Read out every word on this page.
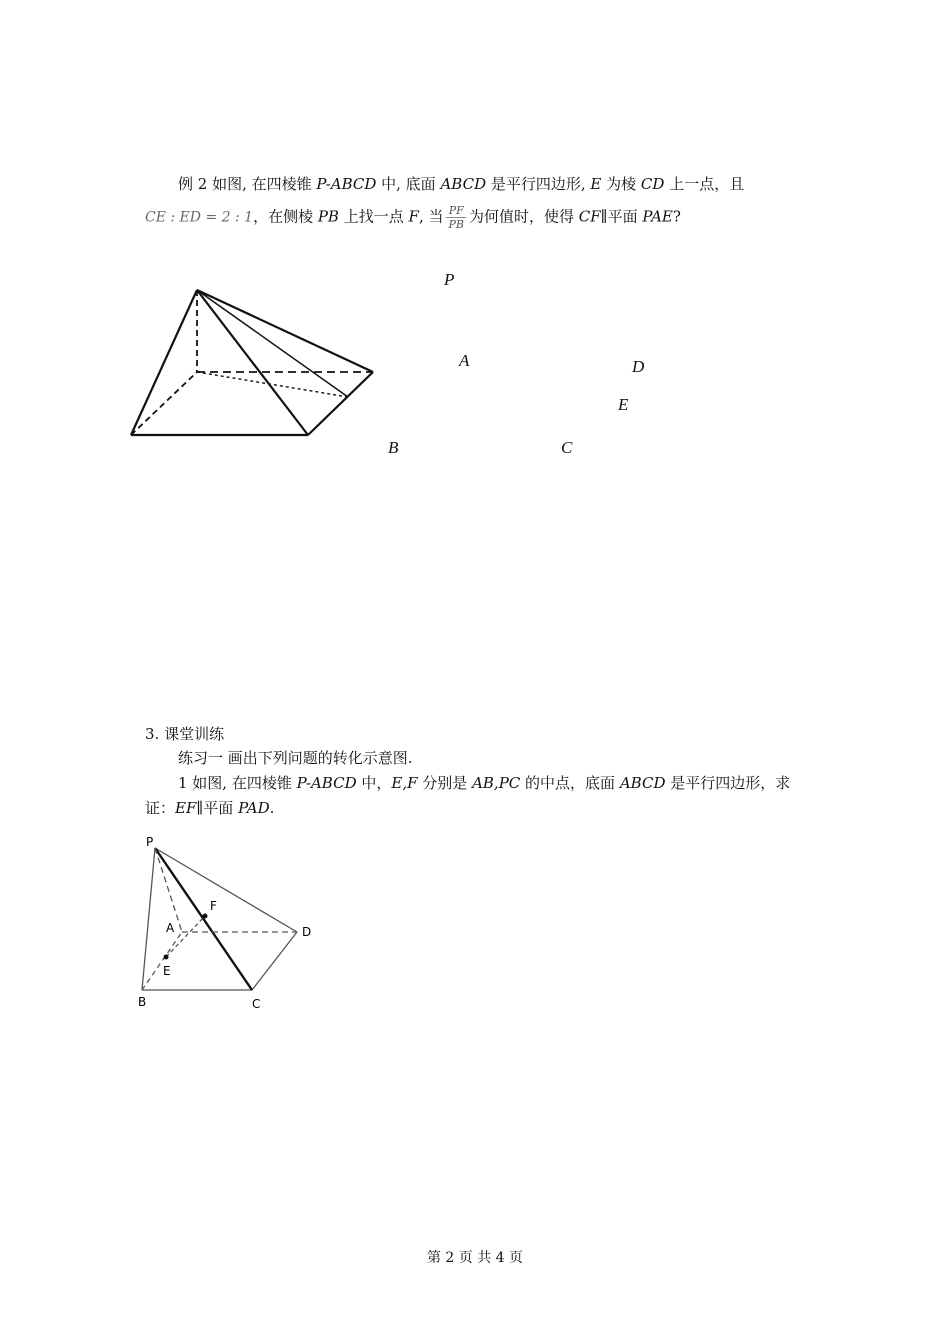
例 2 如图, 在四棱锥 P-ABCD 中, 底面 ABCD 是平行四边形, E 为棱 CD 上一点，且
CE : ED = 2 : 1，在侧棱 PB 上找一点 F, 当 $\frac{PF}{PB}$ 为何值时，使得 CF∥平面 PAE?
P
A	D
E
B	C
3. 课堂训练
练习一 画出下列问题的转化示意图.
1 如图, 在四棱锥 P-ABCD 中，E,F 分别是 AB,PC 的中点，底面 ABCD 是平行四边形，求
证：EF∥平面 PAD.
P
F
A	D
E
B	C
第 2 页 共 4 页
